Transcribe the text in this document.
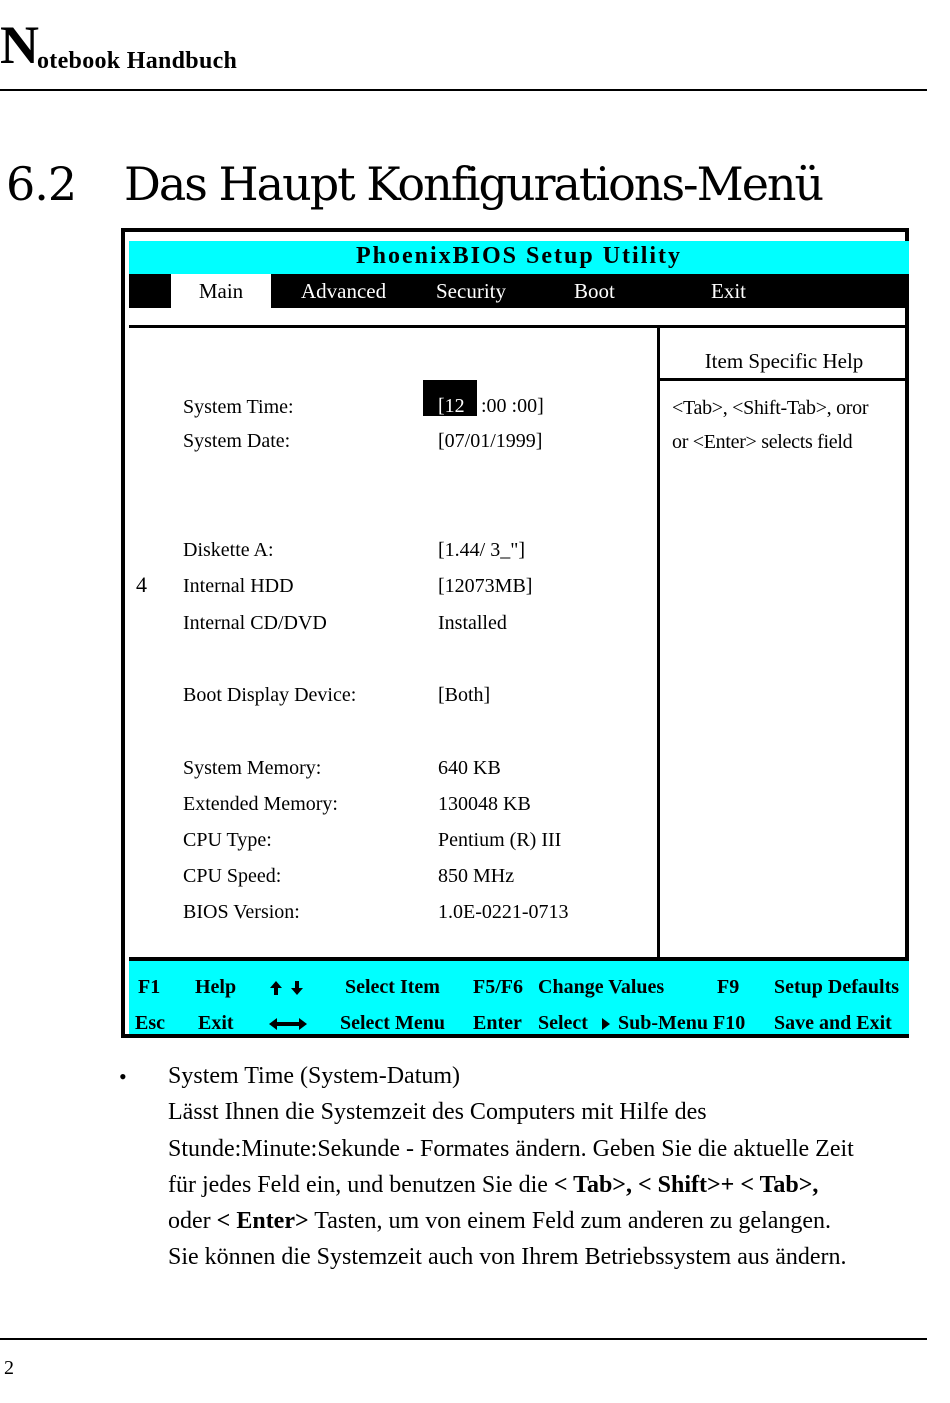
N
otebook Handbuch
6.2 Das Haupt Konfigurations-Menü
PhoenixBIOS Setup Utility
Main	Advanced Security	Boot	Exit
Item Specific Help
<Tab>, <Shift-Tab>, oror
or <Enter> selects field
System Time:	[12 :00 :00]
System Date:	[07/01/1999]
Diskette A:	[1.44/ 3_"]
4 Internal HDD	[12073MB]
Internal CD/DVD	Installed
Boot Display Device:	[Both]
System Memory:	640 KB
Extended Memory:	130048 KB
CPU Type:	Pentium (R) III
CPU Speed:	850 MHz
BIOS Version:	1.0E-0221-0713
F1 Help	Select Item F5/F6 Change Values	F9 Setup Defaults
Esc Exit	Select Menu Enter Select Sub-Menu F10 Save and Exit
• System Time (System-Datum)
Lässt Ihnen die Systemzeit des Computers mit Hilfe des
Stunde:Minute:Sekunde - Formates ändern. Geben Sie die aktuelle Zeit
für jedes Feld ein, und benutzen Sie die < Tab>, < Shift>+ < Tab>,
oder < Enter> Tasten, um von einem Feld zum anderen zu gelangen.
Sie können die Systemzeit auch von Ihrem Betriebssystem aus ändern.
2
